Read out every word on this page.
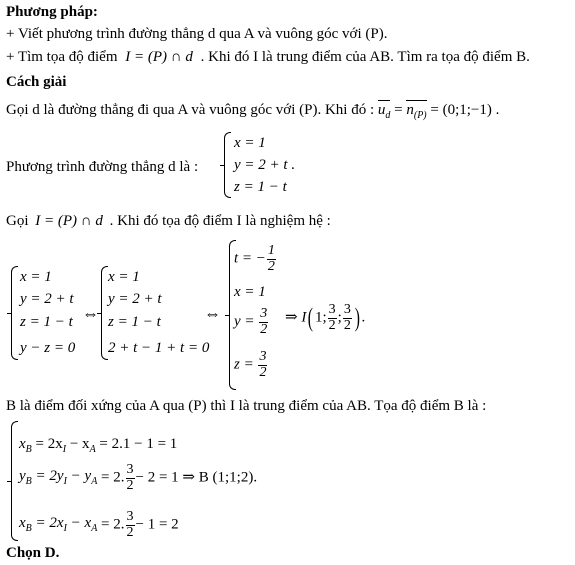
Phương pháp:
+ Viết phương trình đường thẳng d qua A và vuông góc với (P).
+ Tìm tọa độ điểm I = (P) ∩ d . Khi đó I là trung điểm của AB. Tìm ra tọa độ điểm B.
Cách giải
Gọi d là đường thẳng đi qua A và vuông góc với (P). Khi đó : $u_d = n_{(P)}$ = (0;1;−1) .
Phương trình đường thẳng d là :
x = 1
y = 2 + t .
z = 1 − t
Gọi I = (P) ∩ d . Khi đó tọa độ điểm I là nghiệm hệ :
x = 1
y = 2 + t
z = 1 − t
y − z = 0
⇔
x = 1
y = 2 + t
z = 1 − t
2 + t − 1 + t = 0
⇔
t = − $\frac{1}{2}$
x = 1
$y = \frac{3}{2}$
$z = \frac{3}{2}$
⇒ I( 1; $\frac{3}{2}$ ; $\frac{3}{2}$ ) .
B là điểm đối xứng của A qua (P) thì I là trung điểm của AB. Tọa độ điểm B là :
$x_B = 2x_I - x_A = 2.1 - 1 = 1$
$y_B = 2y_I - y_A = 2$. $\frac{3}{2} - 2 = 1$ ⇒ B (1;1;2).
$x_B = 2x_I - x_A = 2$. $\frac{3}{2} - 1 = 2$
Chọn D.
